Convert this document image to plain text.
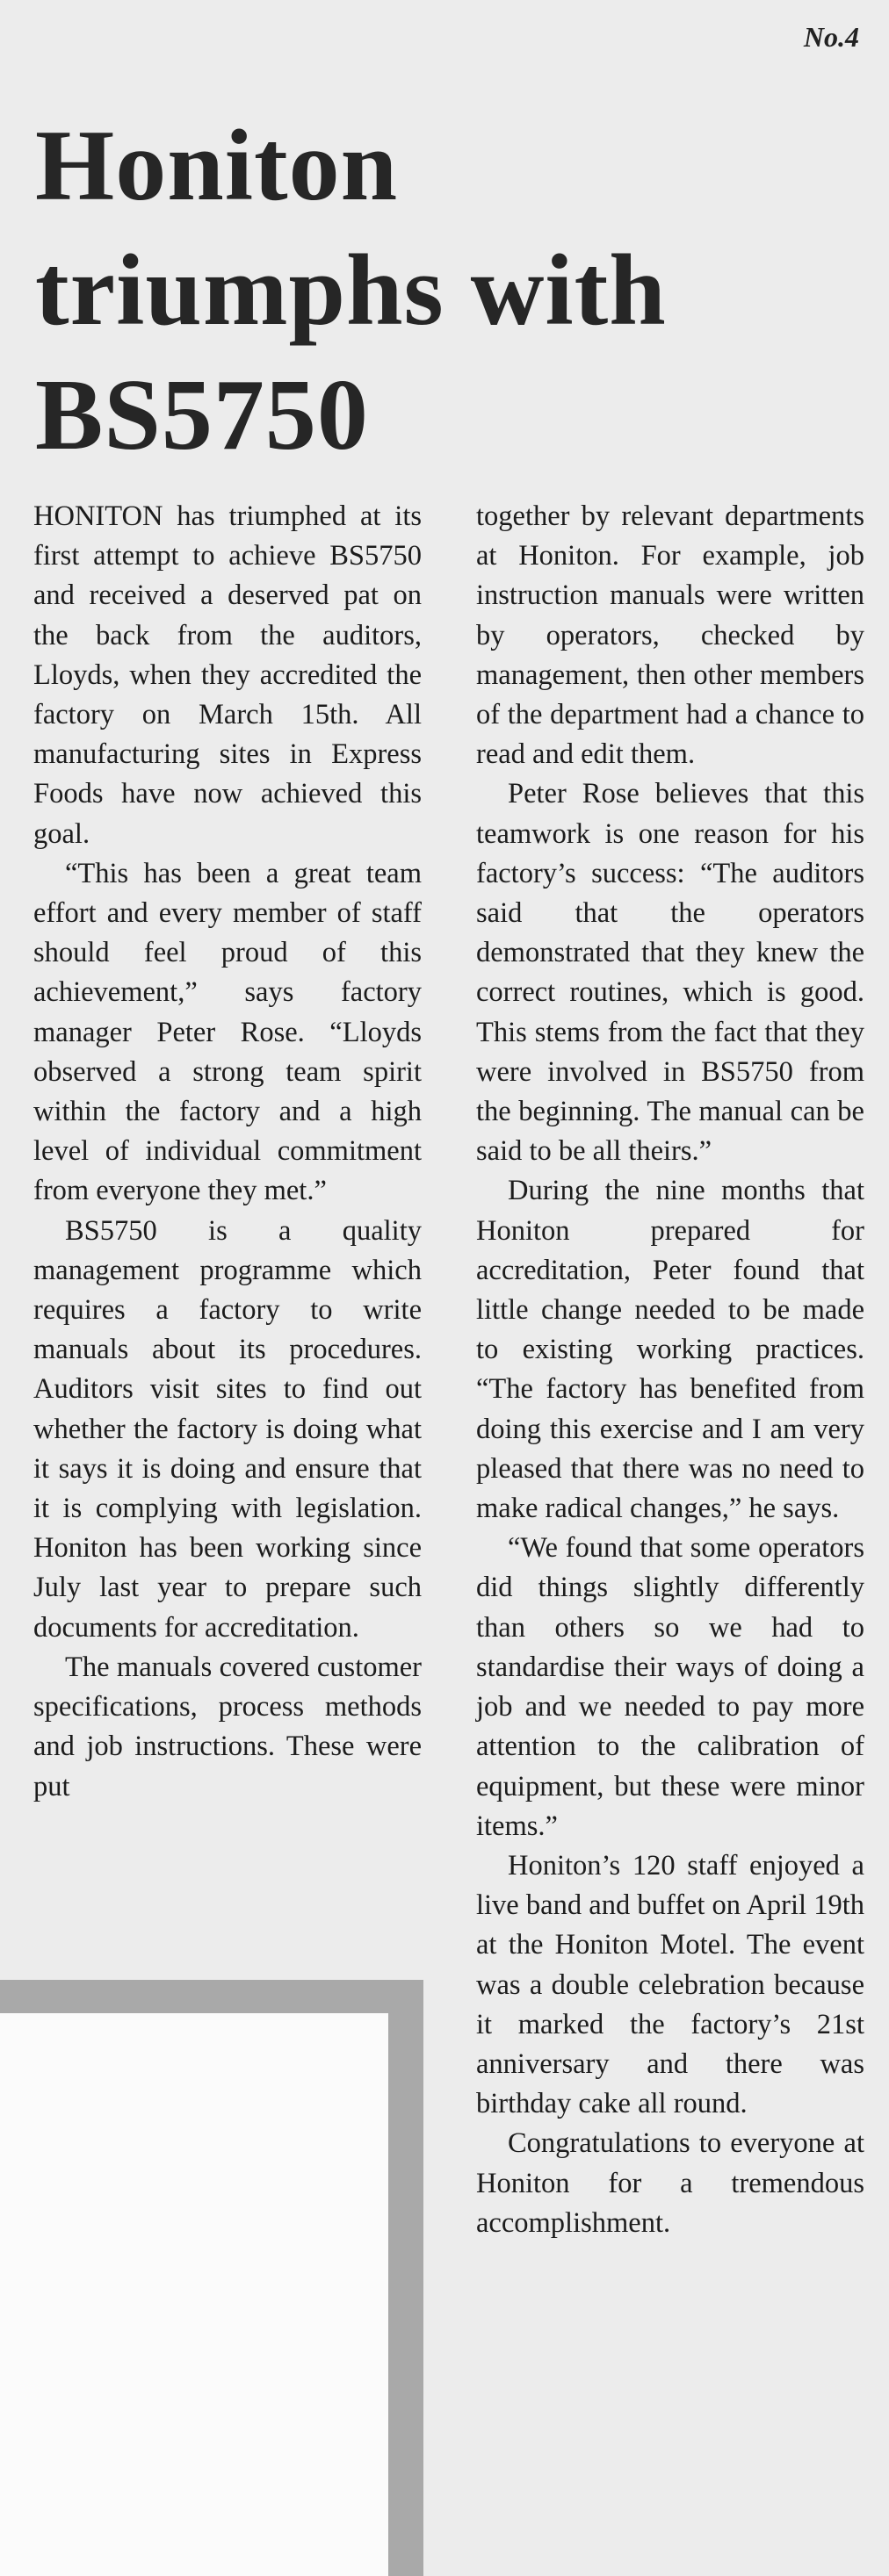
No.4
Honiton
triumphs with
BS5750

HONITON has triumphed at its first attempt to achieve BS5750 and received a deserved pat on the back from the auditors, Lloyds, when they accredited the factory on March 15th. All manufacturing sites in Express Foods have now achieved this goal.

“This has been a great team effort and every member of staff should feel proud of this achievement,” says factory manager Peter Rose. “Lloyds observed a strong team spirit within the factory and a high level of individual commitment from everyone they met.”

BS5750 is a quality management programme which requires a factory to write manuals about its procedures. Auditors visit sites to find out whether the factory is doing what it says it is doing and ensure that it is complying with legislation. Honiton has been working since July last year to prepare such documents for accreditation.

The manuals covered customer specifications, process methods and job instructions. These were put

together by relevant departments at Honiton. For example, job instruction manuals were written by operators, checked by management, then other members of the department had a chance to read and edit them.

Peter Rose believes that this teamwork is one reason for his factory’s success: “The auditors said that the operators demonstrated that they knew the correct routines, which is good. This stems from the fact that they were involved in BS5750 from the beginning. The manual can be said to be all theirs.”

During the nine months that Honiton prepared for accreditation, Peter found that little change needed to be made to existing working practices. “The factory has benefited from doing this exercise and I am very pleased that there was no need to make radical changes,” he says.

“We found that some operators did things slightly differently than others so we had to standardise their ways of doing a job and we needed to pay more attention to the calibration of equipment, but these were minor items.”

Honiton’s 120 staff enjoyed a live band and buffet on April 19th at the Honiton Motel. The event was a double celebration because it marked the factory’s 21st anniversary and there was birthday cake all round.

Congratulations to everyone at Honiton for a tremendous accomplishment.
